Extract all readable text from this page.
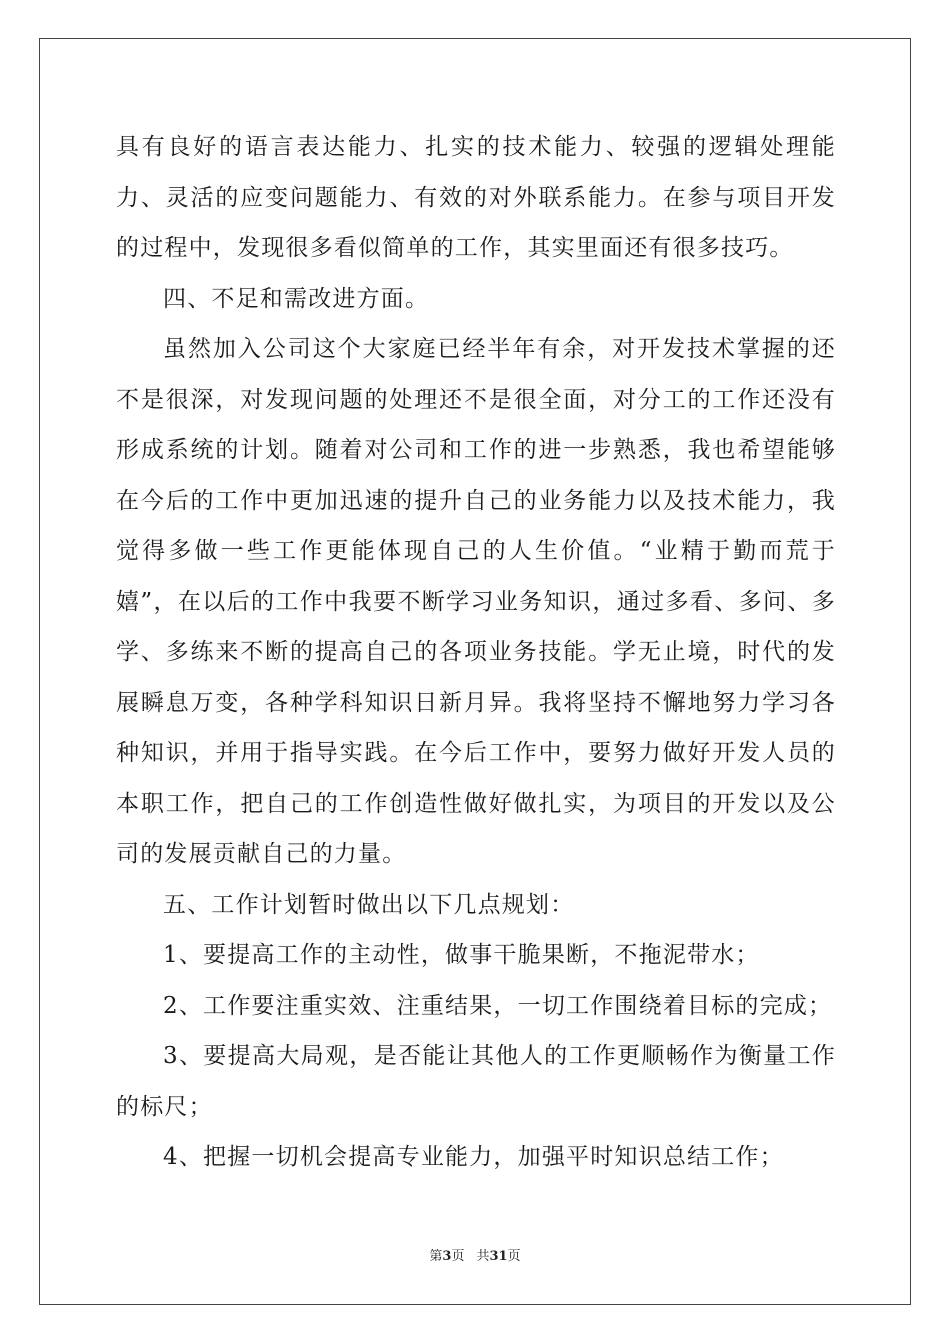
具有良好的语言表达能力、扎实的技术能力、较强的逻辑处理能力、灵活的应变问题能力、有效的对外联系能力。在参与项目开发的过程中，发现很多看似简单的工作，其实里面还有很多技巧。

四、不足和需改进方面。

虽然加入公司这个大家庭已经半年有余，对开发技术掌握的还不是很深，对发现问题的处理还不是很全面，对分工的工作还没有形成系统的计划。随着对公司和工作的进一步熟悉，我也希望能够在今后的工作中更加迅速的提升自己的业务能力以及技术能力，我觉得多做一些工作更能体现自己的人生价值。“业精于勤而荒于嬉”，在以后的工作中我要不断学习业务知识，通过多看、多问、多学、多练来不断的提高自己的各项业务技能。学无止境，时代的发展瞬息万变，各种学科知识日新月异。我将坚持不懈地努力学习各种知识，并用于指导实践。在今后工作中，要努力做好开发人员的本职工作，把自己的工作创造性做好做扎实，为项目的开发以及公司的发展贡献自己的力量。

五、工作计划暂时做出以下几点规划：

1、要提高工作的主动性，做事干脆果断，不拖泥带水；

2、工作要注重实效、注重结果，一切工作围绕着目标的完成；

3、要提高大局观，是否能让其他人的工作更顺畅作为衡量工作的标尺；

4、把握一切机会提高专业能力，加强平时知识总结工作；

第3页 共31页
